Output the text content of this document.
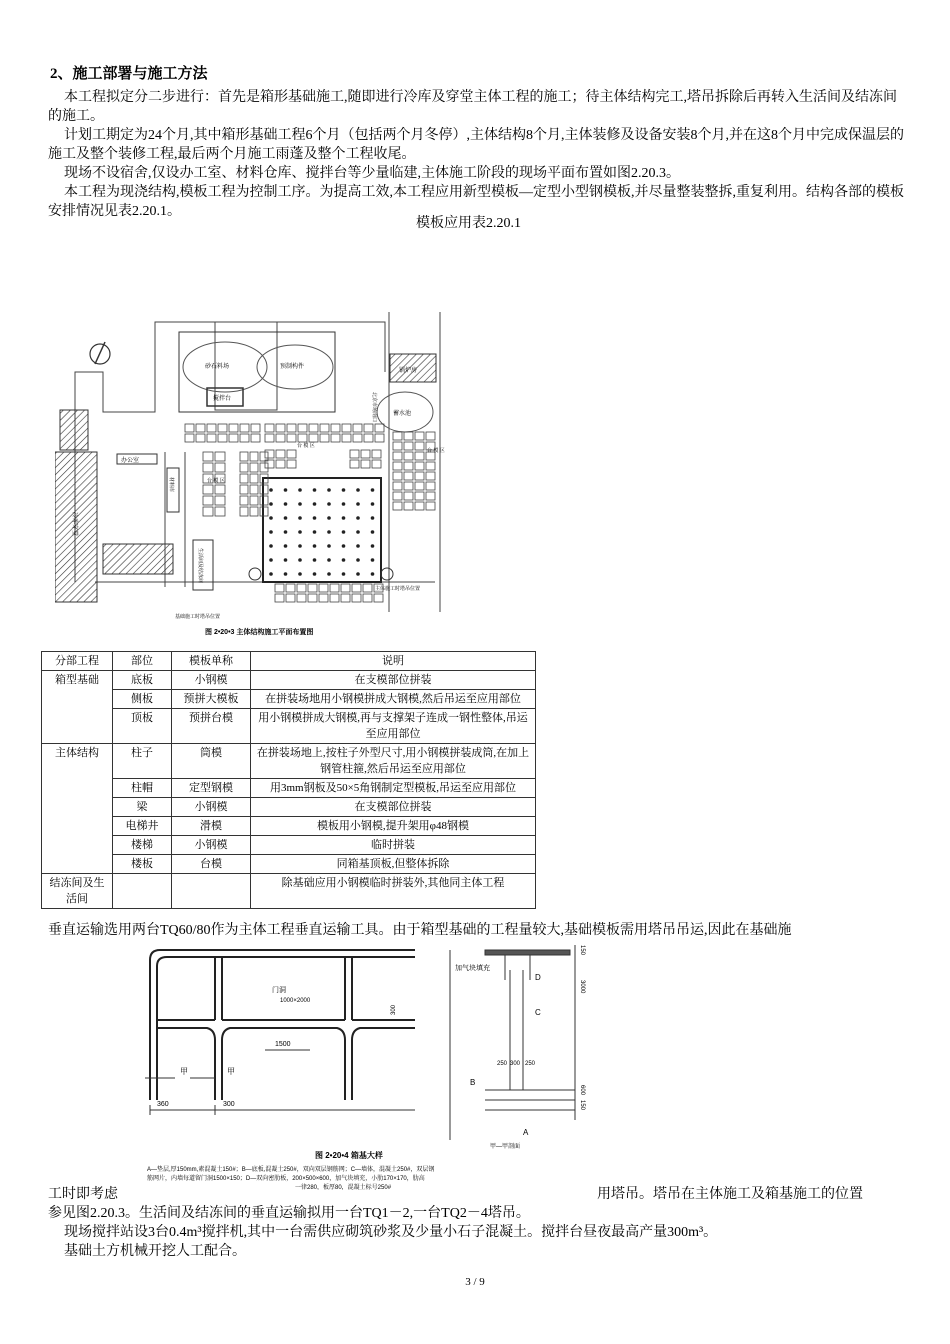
2、施工部署与施工方法

本工程拟定分二步进行：首先是箱形基础施工,随即进行冷库及穿堂主体工程的施工；待主体结构完工,塔吊拆除后再转入生活间及结冻间的施工。

计划工期定为24个月,其中箱形基础工程6个月（包括两个月冬停）,主体结构8个月,主体装修及设备安装8个月,并在这8个月中完成保温层的施工及整个装修工程,最后两个月施工雨蓬及整个工程收尾。

现场不设宿舍,仅设办工室、材料仓库、搅拌台等少量临建,主体施工阶段的现场平面布置如图2.20.3。

本工程为现浇结构,模板工程为控制工序。为提高工效,本工程应用新型模板—定型小型钢模板,并尽量整装整拆,重复利用。结构各部的模板安排情况见表2.20.1。

模板应用表2.20.1
砂石料场	预制构件
搅拌台
锅炉房
蓄水池
北京市场南口
冷库穿堂
办公室
材料库
生活间及结冻间
主体施工时塔吊位置
基础施工时塔吊位置
台 模 区
台 模 区
台 模 区
图 2•20•3 主体结构施工平面布置图
分部工程	部位	模板单称	说明
箱型基础	底板	小钢模	在支模部位拼装
	侧板	预拼大模板	在拼装场地用小钢模拼成大钢模,然后吊运至应用部位
	顶板	预拼台模	用小钢模拼成大钢模,再与支撑架子连成一钢性整体,吊运至应用部位
主体结构	柱子	筒模	在拼装场地上,按柱子外型尺寸,用小钢模拼装成筒,在加上钢管柱箍,然后吊运至应用部位
	柱帽	定型钢模	用3mm钢板及50×5角钢制定型模板,吊运至应用部位
	梁	小钢模	在支模部位拼装
	电梯井	滑模	模板用小钢模,提升架用φ48钢模
	楼梯	小钢模	临时拼装
	楼板	台模	同箱基顶板,但整体拆除
结冻间及生活间			除基础应用小钢模临时拼装外,其他同主体工程
垂直运输选用两台TQ60/80作为主体工程垂直运输工具。由于箱型基础的工程量较大,基础模板需用塔吊吊运,因此在基础施
门洞
1000×2000
1500
300
300
360
甲	甲
加气块填充
D
C
B
A
250 300 250
3000
150
600
150
甲—甲剖面
图 2•20•4 箱基大样
A—垫层,厚150mm,素混凝土150#；B—底板,混凝土250#，双向双层钢筋网；C—墙体，混凝土250#，双层钢
筋网片，内墙每道留门洞1500×150；D—双向密肋板，200×500×600，加气块填充，小肋170×170，肋高
一律280，板厚80，混凝土标号250#
工时即考虑	用塔吊。塔吊在主体施工及箱基施工的位置
参见图2.20.3。生活间及结冻间的垂直运输拟用一台TQ1－2,一台TQ2－4塔吊。

现场搅拌站设3台0.4m³搅拌机,其中一台需供应砌筑砂浆及少量小石子混凝土。搅拌台昼夜最高产量300m³。

基础土方机械开挖人工配合。

3 / 9
